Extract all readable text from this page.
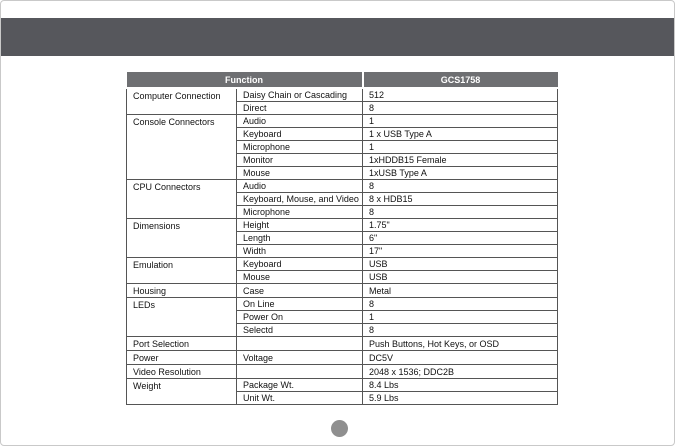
Function		GCS1758
Computer Connection	Daisy Chain or Cascading	512
	Direct	8
Console Connectors	Audio	1
	Keyboard	1 x USB Type A
	Microphone	1
	Monitor	1xHDDB15 Female
	Mouse	1xUSB Type A
CPU Connectors	Audio	8
	Keyboard, Mouse, and Video	8 x HDB15
	Microphone	8
Dimensions	Height	1.75"
	Length	6"
	Width	17"
Emulation	Keyboard	USB
	Mouse	USB
Housing	Case	Metal
LEDs	On Line	8
	Power On	1
	Selectd	8
Port Selection		Push Buttons, Hot Keys, or OSD
Power	Voltage	DC5V
Video Resolution		2048 x 1536; DDC2B
Weight	Package Wt.	8.4 Lbs
	Unit Wt.	5.9 Lbs
